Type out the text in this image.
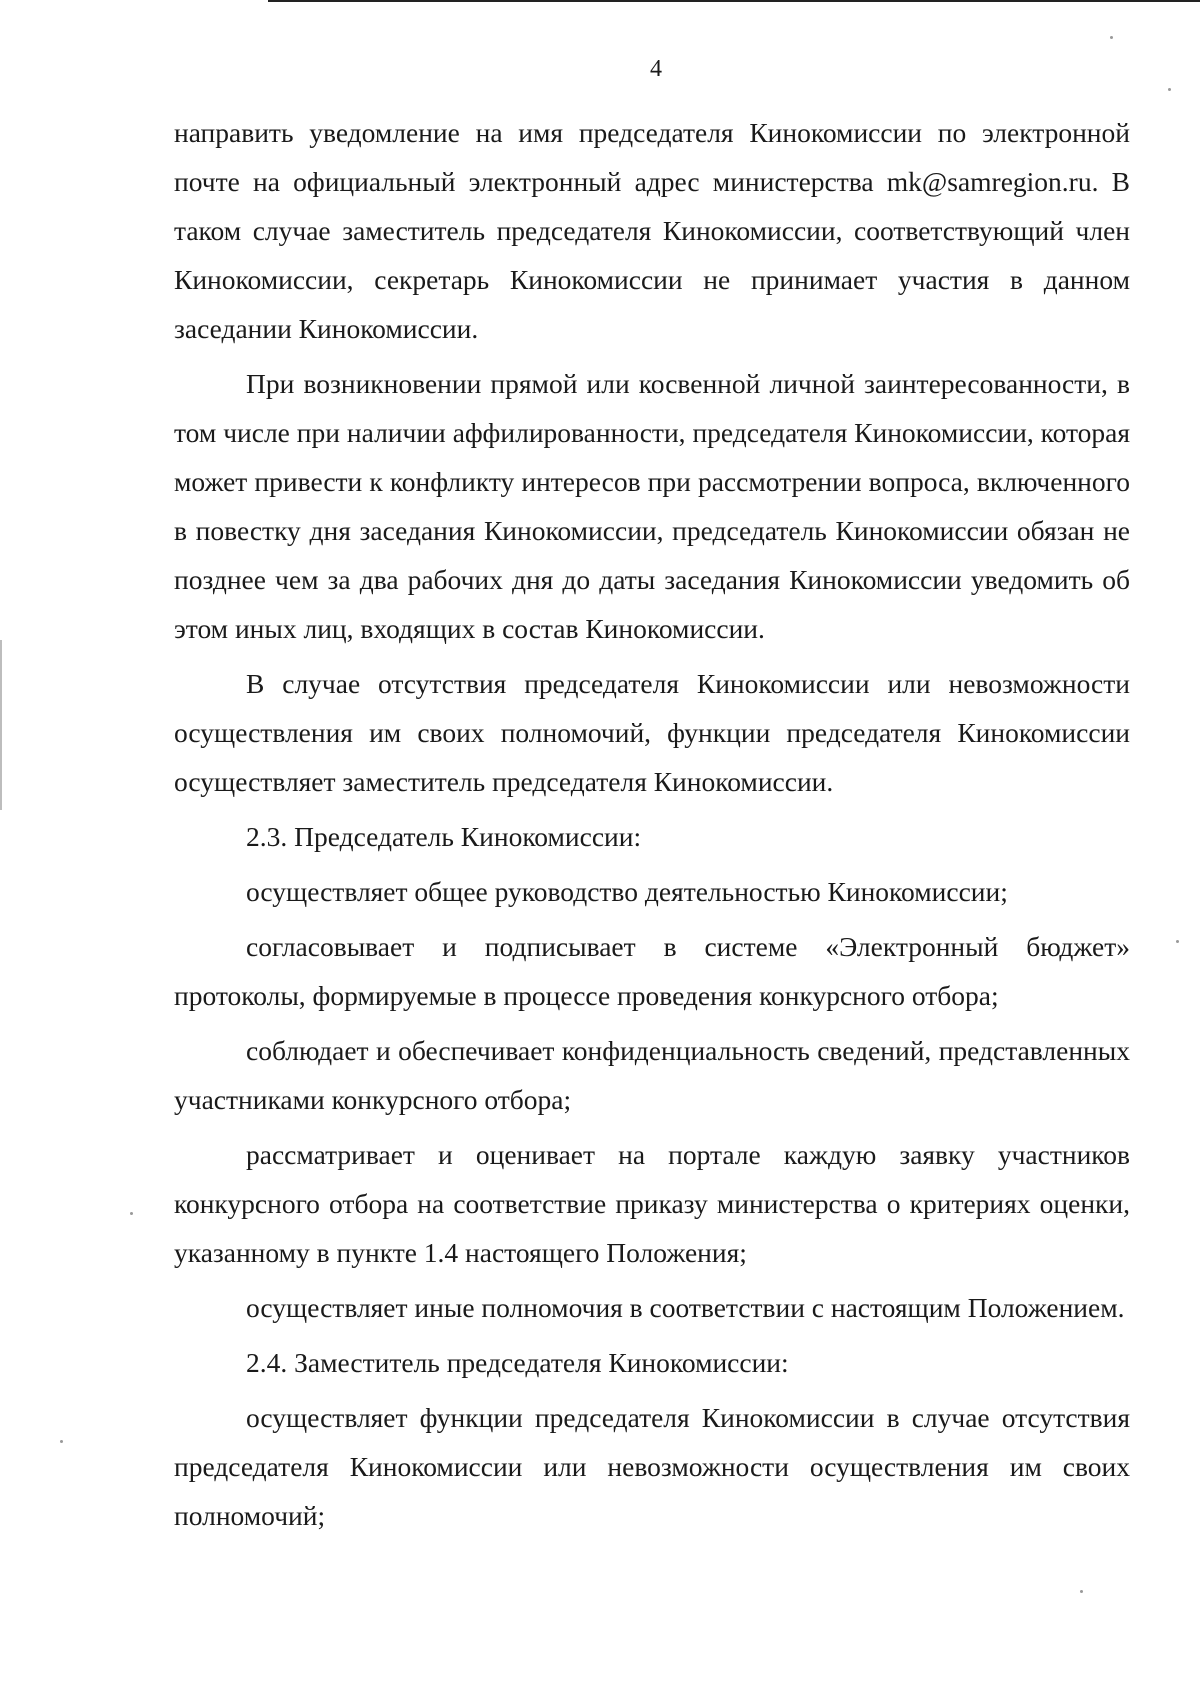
4

направить уведомление на имя председателя Кинокомиссии по электронной почте на официальный электронный адрес министерства mk@samregion.ru. В таком случае заместитель председателя Кинокомиссии, соответствующий член Кинокомиссии, секретарь Кинокомиссии не принимает участия в данном заседании Кинокомиссии.

При возникновении прямой или косвенной личной заинтересованности, в том числе при наличии аффилированности, председателя Кинокомиссии, которая может привести к конфликту интересов при рассмотрении вопроса, включенного в повестку дня заседания Кинокомиссии, председатель Кинокомиссии обязан не позднее чем за два рабочих дня до даты заседания Кинокомиссии уведомить об этом иных лиц, входящих в состав Кинокомиссии.

В случае отсутствия председателя Кинокомиссии или невозможности осуществления им своих полномочий, функции председателя Кинокомиссии осуществляет заместитель председателя Кинокомиссии.

2.3. Председатель Кинокомиссии:

осуществляет общее руководство деятельностью Кинокомиссии;

согласовывает и подписывает в системе «Электронный бюджет» протоколы, формируемые в процессе проведения конкурсного отбора;

соблюдает и обеспечивает конфиденциальность сведений, представленных участниками конкурсного отбора;

рассматривает и оценивает на портале каждую заявку участников конкурсного отбора на соответствие приказу министерства о критериях оценки, указанному в пункте 1.4 настоящего Положения;

осуществляет иные полномочия в соответствии с настоящим Положением.

2.4. Заместитель председателя Кинокомиссии:

осуществляет функции председателя Кинокомиссии в случае отсутствия председателя Кинокомиссии или невозможности осуществления им своих полномочий;
